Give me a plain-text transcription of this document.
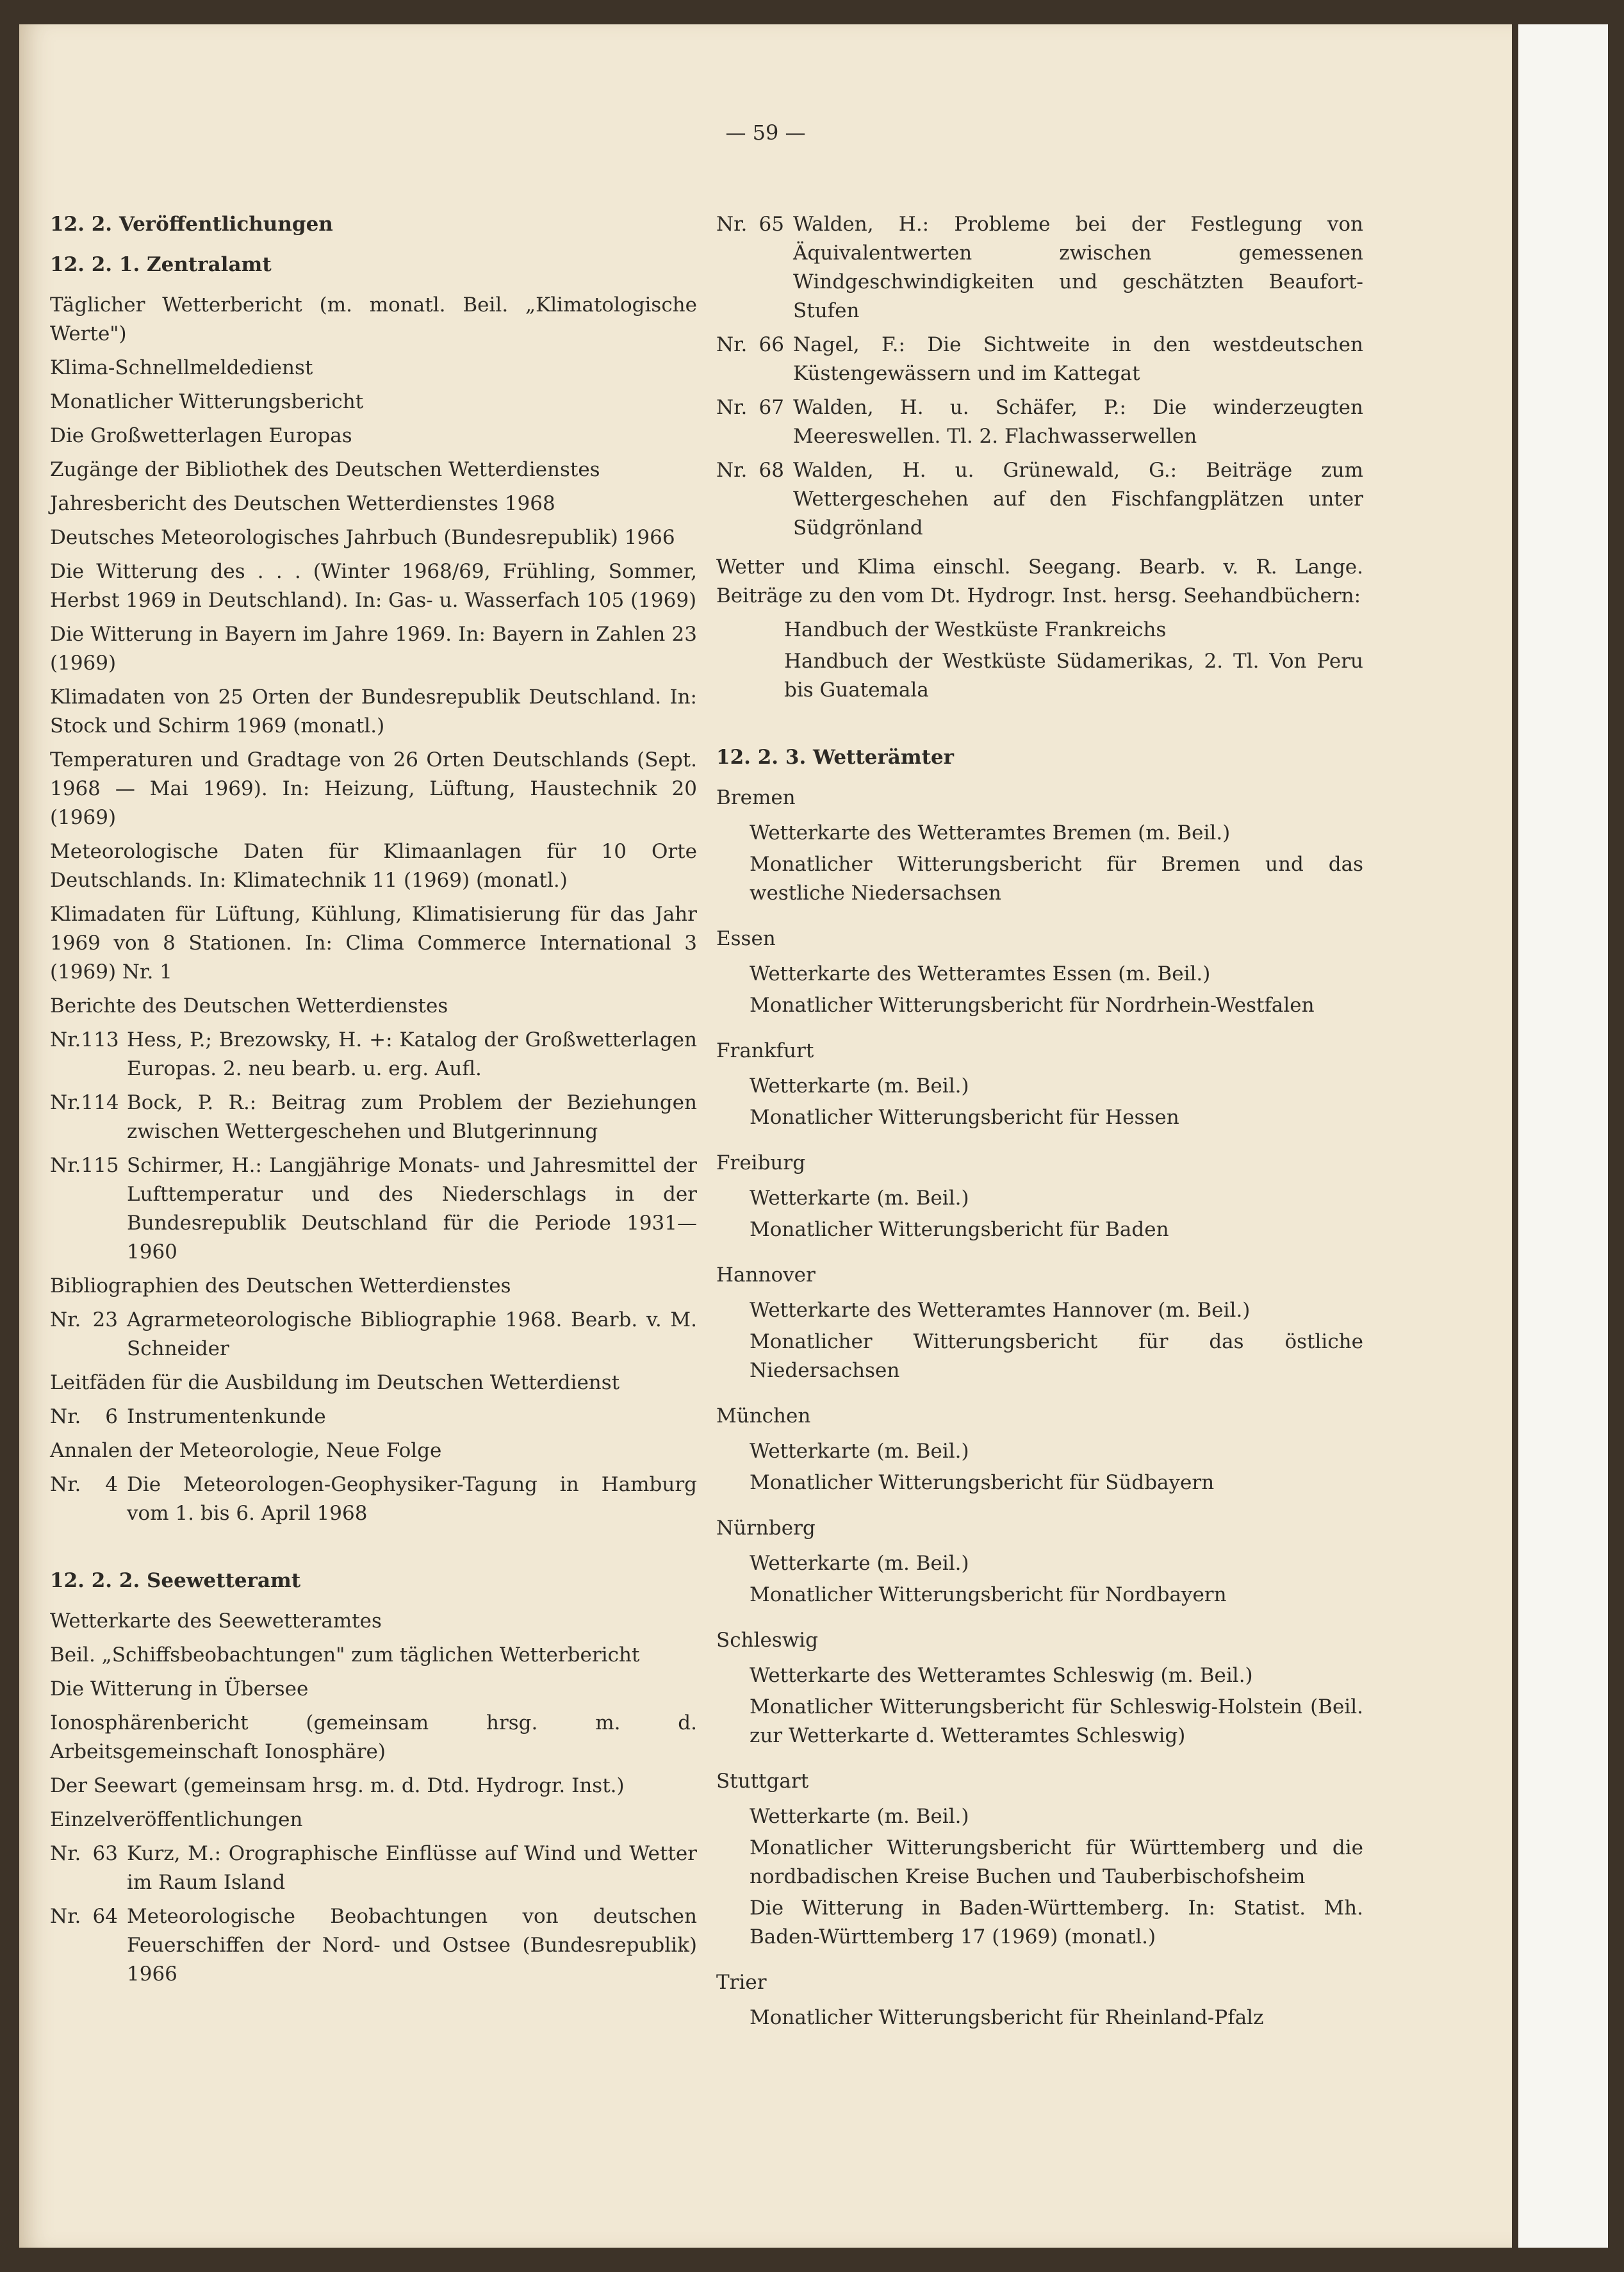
— 59 —
12. 2. Veröffentlichungen
12. 2. 1. Zentralamt
Täglicher Wetterbericht (m. monatl. Beil. „Klimatologische Werte")
Klima-Schnellmeldedienst
Monatlicher Witterungsbericht
Die Großwetterlagen Europas
Zugänge der Bibliothek des Deutschen Wetterdienstes
Jahresbericht des Deutschen Wetterdienstes 1968
Deutsches Meteorologisches Jahrbuch (Bundesrepublik) 1966
Die Witterung des . . . (Winter 1968/69, Frühling, Sommer, Herbst 1969 in Deutschland). In: Gas- u. Wasserfach 105 (1969)
Die Witterung in Bayern im Jahre 1969. In: Bayern in Zahlen 23 (1969)
Klimadaten von 25 Orten der Bundesrepublik Deutschland. In: Stock und Schirm 1969 (monatl.)
Temperaturen und Gradtage von 26 Orten Deutschlands (Sept. 1968 — Mai 1969). In: Heizung, Lüftung, Haustechnik 20 (1969)
Meteorologische Daten für Klimaanlagen für 10 Orte Deutschlands. In: Klimatechnik 11 (1969) (monatl.)
Klimadaten für Lüftung, Kühlung, Klimatisierung für das Jahr 1969 von 8 Stationen. In: Clima Commerce International 3 (1969) Nr. 1
Berichte des Deutschen Wetterdienstes
Nr. 113 Hess, P.; Brezowsky, H. +: Katalog der Großwetterlagen Europas. 2. neu bearb. u. erg. Aufl.
Nr. 114 Bock, P. R.: Beitrag zum Problem der Beziehungen zwischen Wettergeschehen und Blutgerinnung
Nr. 115 Schirmer, H.: Langjährige Monats- und Jahresmittel der Lufttemperatur und des Niederschlags in der Bundesrepublik Deutschland für die Periode 1931—1960
Bibliographien des Deutschen Wetterdienstes
Nr. 23 Agrarmeteorologische Bibliographie 1968. Bearb. v. M. Schneider
Leitfäden für die Ausbildung im Deutschen Wetterdienst
Nr. 6 Instrumentenkunde
Annalen der Meteorologie, Neue Folge
Nr. 4 Die Meteorologen-Geophysiker-Tagung in Hamburg vom 1. bis 6. April 1968
12. 2. 2. Seewetteramt
Wetterkarte des Seewetteramtes
Beil. „Schiffsbeobachtungen" zum täglichen Wetterbericht
Die Witterung in Übersee
Ionosphärenbericht (gemeinsam hrsg. m. d. Arbeitsgemeinschaft Ionosphäre)
Der Seewart (gemeinsam hrsg. m. d. Dtd. Hydrogr. Inst.)
Einzelveröffentlichungen
Nr. 63 Kurz, M.: Orographische Einflüsse auf Wind und Wetter im Raum Island
Nr. 64 Meteorologische Beobachtungen von deutschen Feuerschiffen der Nord- und Ostsee (Bundesrepublik) 1966
Nr. 65 Walden, H.: Probleme bei der Festlegung von Äquivalentwerten zwischen gemessenen Windgeschwindigkeiten und geschätzten Beaufort-Stufen
Nr. 66 Nagel, F.: Die Sichtweite in den westdeutschen Küstengewässern und im Kattegat
Nr. 67 Walden, H. u. Schäfer, P.: Die winderzeugten Meereswellen. Tl. 2. Flachwasserwellen
Nr. 68 Walden, H. u. Grünewald, G.: Beiträge zum Wettergeschehen auf den Fischfangplätzen unter Südgrönland
Wetter und Klima einschl. Seegang. Bearb. v. R. Lange. Beiträge zu den vom Dt. Hydrogr. Inst. hersg. Seehandbüchern:
Handbuch der Westküste Frankreichs
Handbuch der Westküste Südamerikas, 2. Tl. Von Peru bis Guatemala
12. 2. 3. Wetterämter
Bremen
Wetterkarte des Wetteramtes Bremen (m. Beil.)
Monatlicher Witterungsbericht für Bremen und das westliche Niedersachsen
Essen
Wetterkarte des Wetteramtes Essen (m. Beil.)
Monatlicher Witterungsbericht für Nordrhein-Westfalen
Frankfurt
Wetterkarte (m. Beil.)
Monatlicher Witterungsbericht für Hessen
Freiburg
Wetterkarte (m. Beil.)
Monatlicher Witterungsbericht für Baden
Hannover
Wetterkarte des Wetteramtes Hannover (m. Beil.)
Monatlicher Witterungsbericht für das östliche Niedersachsen
München
Wetterkarte (m. Beil.)
Monatlicher Witterungsbericht für Südbayern
Nürnberg
Wetterkarte (m. Beil.)
Monatlicher Witterungsbericht für Nordbayern
Schleswig
Wetterkarte des Wetteramtes Schleswig (m. Beil.)
Monatlicher Witterungsbericht für Schleswig-Holstein (Beil. zur Wetterkarte d. Wetteramtes Schleswig)
Stuttgart
Wetterkarte (m. Beil.)
Monatlicher Witterungsbericht für Württemberg und die nordbadischen Kreise Buchen und Tauberbischofsheim
Die Witterung in Baden-Württemberg. In: Statist. Mh. Baden-Württemberg 17 (1969) (monatl.)
Trier
Monatlicher Witterungsbericht für Rheinland-Pfalz
